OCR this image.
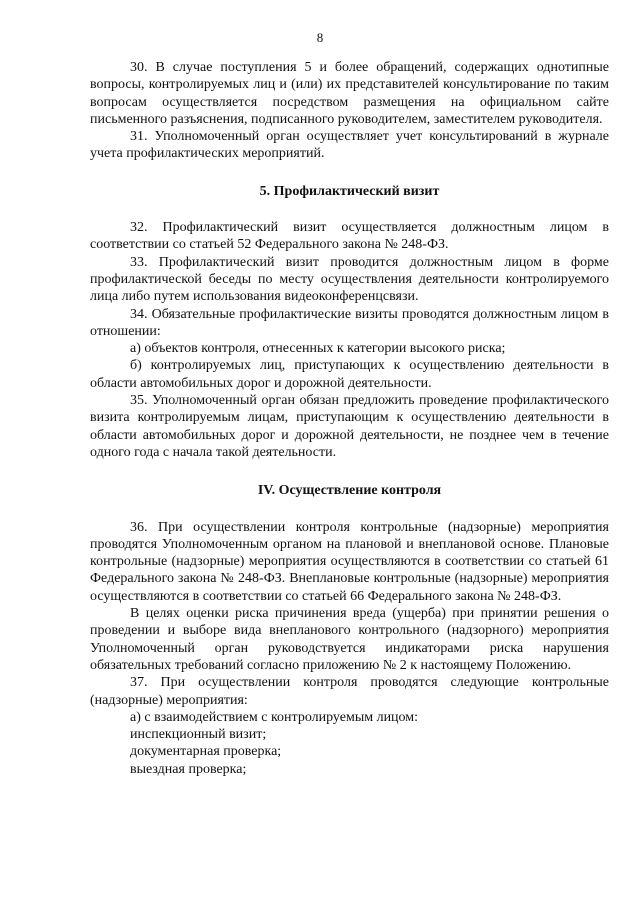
8

30. В случае поступления 5 и более обращений, содержащих однотипные вопросы, контролируемых лиц и (или) их представителей консультирование по таким вопросам осуществляется посредством размещения на официальном сайте письменного разъяснения, подписанного руководителем, заместителем руководителя.

31. Уполномоченный орган осуществляет учет консультирований в журнале учета профилактических мероприятий.

5. Профилактический визит

32. Профилактический визит осуществляется должностным лицом в соответствии со статьей 52 Федерального закона № 248-ФЗ.

33. Профилактический визит проводится должностным лицом в форме профилактической беседы по месту осуществления деятельности контролируемого лица либо путем использования видеоконференцсвязи.

34. Обязательные профилактические визиты проводятся должностным лицом в отношении:

а) объектов контроля, отнесенных к категории высокого риска;

б) контролируемых лиц, приступающих к осуществлению деятельности в области автомобильных дорог и дорожной деятельности.

35. Уполномоченный орган обязан предложить проведение профилактического визита контролируемым лицам, приступающим к осуществлению деятельности в области автомобильных дорог и дорожной деятельности, не позднее чем в течение одного года с начала такой деятельности.

IV. Осуществление контроля

36. При осуществлении контроля контрольные (надзорные) мероприятия проводятся Уполномоченным органом на плановой и внеплановой основе. Плановые контрольные (надзорные) мероприятия осуществляются в соответствии со статьей 61 Федерального закона № 248-ФЗ. Внеплановые контрольные (надзорные) мероприятия осуществляются в соответствии со статьей 66 Федерального закона № 248-ФЗ.

В целях оценки риска причинения вреда (ущерба) при принятии решения о проведении и выборе вида внепланового контрольного (надзорного) мероприятия Уполномоченный орган руководствуется индикаторами риска нарушения обязательных требований согласно приложению № 2 к настоящему Положению.

37. При осуществлении контроля проводятся следующие контрольные (надзорные) мероприятия:

а) с взаимодействием с контролируемым лицом:

инспекционный визит;

документарная проверка;

выездная проверка;
